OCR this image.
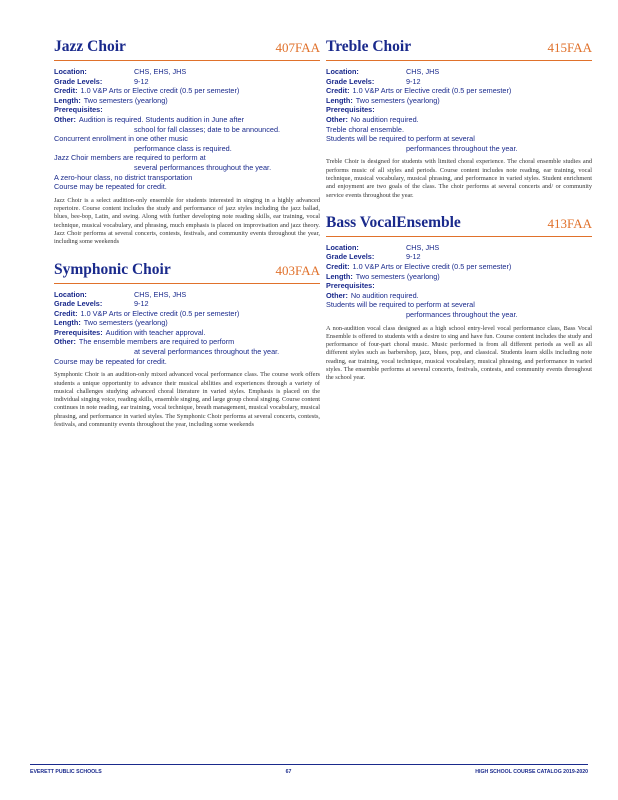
Jazz Choir	407FAA
Location:	CHS, EHS, JHS
Grade Levels:	9-12
Credit: 1.0 V&P Arts or Elective credit (0.5 per semester)
Length: Two semesters (yearlong)
Prerequisites:
Other: Audition is required. Students audition in June after
school for fall classes; date to be announced.
Concurrent enrollment in one other music
performance class is required.
Jazz Choir members are required to perform at
several performances throughout the year.
A zero-hour class, no district transportation
Course may be repeated for credit.
Jazz Choir is a select audition-only ensemble for students interested in singing in a highly advanced repertoire. Course content includes the study and performance of jazz styles including the jazz ballad, blues, bee-bop, Latin, and swing. Along with further developing note reading skills, ear training, vocal technique, musical vocabulary, and phrasing, much emphasis is placed on improvisation and jazz theory. Jazz Choir performs at several concerts, contests, festivals, and community events throughout the year, including some weekends
Symphonic Choir	403FAA
Location:	CHS, EHS, JHS
Grade Levels:	9-12
Credit: 1.0 V&P Arts or Elective credit (0.5 per semester)
Length: Two semesters (yearlong)
Prerequisites: Audition with teacher approval.
Other: The ensemble members are required to perform
at several performances throughout the year.
Course may be repeated for credit.
Symphonic Choir is an audition-only mixed advanced vocal performance class. The course work offers students a unique opportunity to advance their musical abilities and experiences through a variety of musical challenges studying advanced choral literature in varied styles. Emphasis is placed on the individual singing voice, reading skills, ensemble singing, and large group choral singing. Course content continues in note reading, ear training, vocal technique, breath management, musical vocabulary, musical phrasing, and performance in varied styles. The Symphonic Choir performs at several concerts, contests, festivals, and community events throughout the year, including some weekends
Treble Choir	415FAA
Location:	CHS, JHS
Grade Levels:	9-12
Credit: 1.0 V&P Arts or Elective credit (0.5 per semester)
Length: Two semesters (yearlong)
Prerequisites:
Other: No audition required.
Treble choral ensemble.
Students will be required to perform at several
performances throughout the year.
Treble Choir is designed for students with limited choral experience. The choral ensemble studies and performs music of all styles and periods. Course content includes note reading, ear training, vocal technique, musical vocabulary, musical phrasing, and performance in varied styles. Student enrichment and enjoyment are two goals of the class. The choir performs at several concerts and/ or community service events throughout the year.
Bass VocalEnsemble	413FAA
Location:	CHS, JHS
Grade Levels:	9-12
Credit: 1.0 V&P Arts or Elective credit (0.5 per semester)
Length: Two semesters (yearlong)
Prerequisites:
Other: No audition required.
Students will be required to perform at several
performances throughout the year.
A non-audition vocal class designed as a high school entry-level vocal performance class, Bass Vocal Ensemble is offered to students with a desire to sing and have fun. Course content includes the study and performance of four-part choral music. Music performed is from all different periods as well as all different styles such as barbershop, jazz, blues, pop, and classical. Students learn skills including note reading, ear training, vocal technique, musical vocabulary, musical phrasing, and performance in varied styles. The ensemble performs at several concerts, festivals, contests, and community events throughout the school year.
EVERETT PUBLIC SCHOOLS	67	HIGH SCHOOL COURSE CATALOG 2019-2020
